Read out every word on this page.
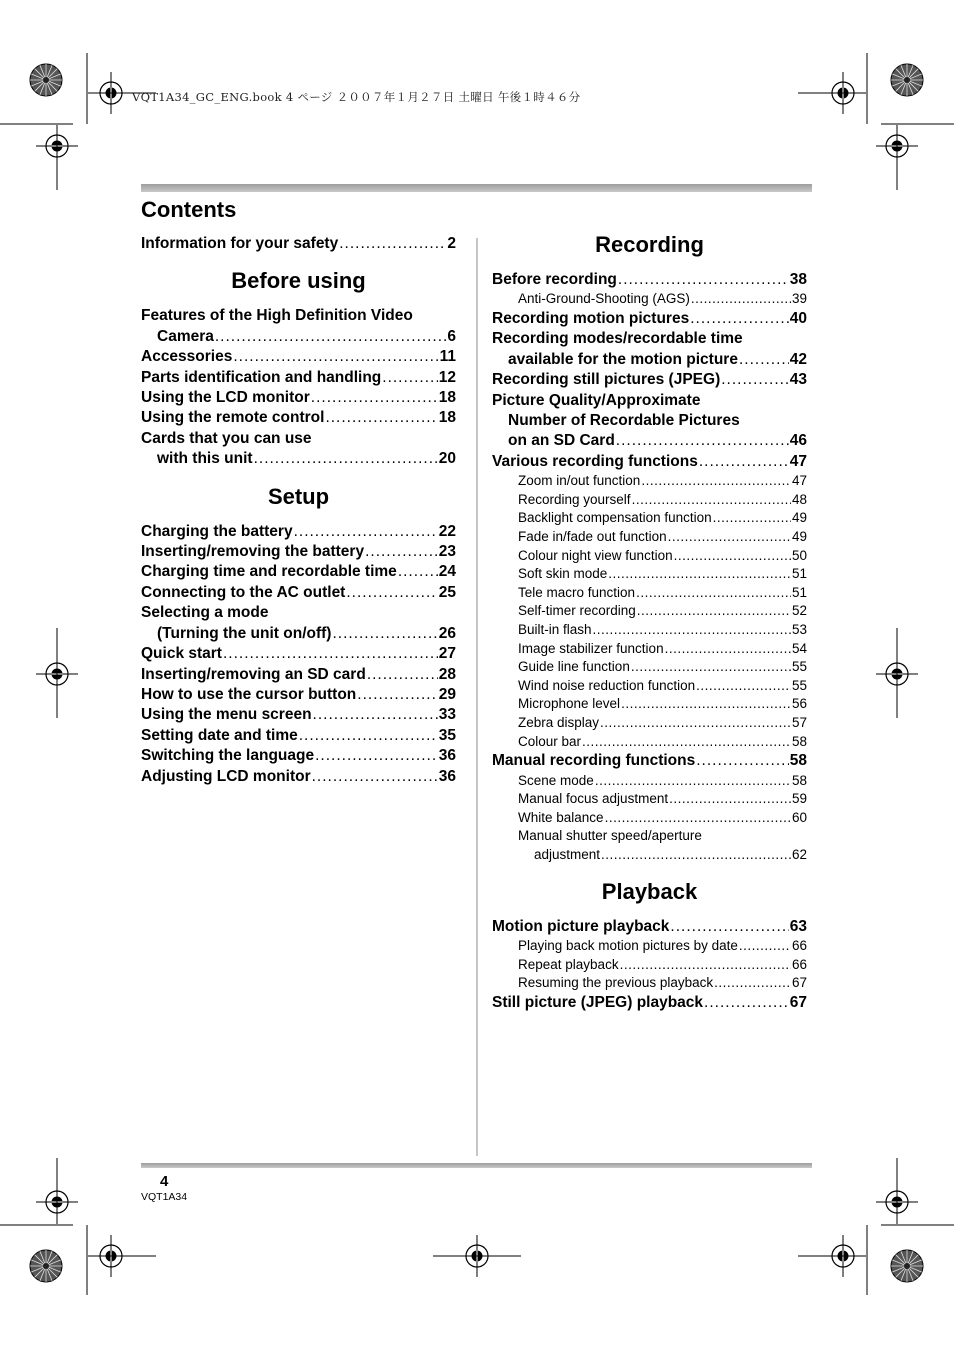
VQT1A34_GC_ENG.book 4 ページ ２００７年１月２７日 土曜日 午後１時４６分
Contents
Information for your safety .....	2
Before using
Features of the High Definition Video
Camera .....	6
Accessories .....	11
Parts identification and handling .....	12
Using the LCD monitor .....	18
Using the remote control .....	18
Cards that you can use
with this unit .....	20
Setup
Charging the battery .....	22
Inserting/removing the battery .....	23
Charging time and recordable time .....	24
Connecting to the AC outlet .....	25
Selecting a mode
(Turning the unit on/off) .....	26
Quick start .....	27
Inserting/removing an SD card .....	28
How to use the cursor button .....	29
Using the menu screen .....	33
Setting date and time .....	35
Switching the language .....	36
Adjusting LCD monitor .....	36
Recording
Before recording .....	38
Anti-Ground-Shooting (AGS) .....	39
Recording motion pictures .....	40
Recording modes/recordable time
available for the motion picture .....	42
Recording still pictures (JPEG) .....	43
Picture Quality/Approximate
Number of Recordable Pictures
on an SD Card .....	46
Various recording functions .....	47
Zoom in/out function .....	47
Recording yourself .....	48
Backlight compensation function .....	49
Fade in/fade out function .....	49
Colour night view function .....	50
Soft skin mode .....	51
Tele macro function .....	51
Self-timer recording .....	52
Built-in flash .....	53
Image stabilizer function .....	54
Guide line function .....	55
Wind noise reduction function .....	55
Microphone level .....	56
Zebra display .....	57
Colour bar .....	58
Manual recording functions .....	58
Scene mode .....	58
Manual focus adjustment .....	59
White balance .....	60
Manual shutter speed/aperture
adjustment .....	62
Playback
Motion picture playback .....	63
Playing back motion pictures by date .....	66
Repeat playback .....	66
Resuming the previous playback .....	67
Still picture (JPEG) playback .....	67
4
VQT1A34
